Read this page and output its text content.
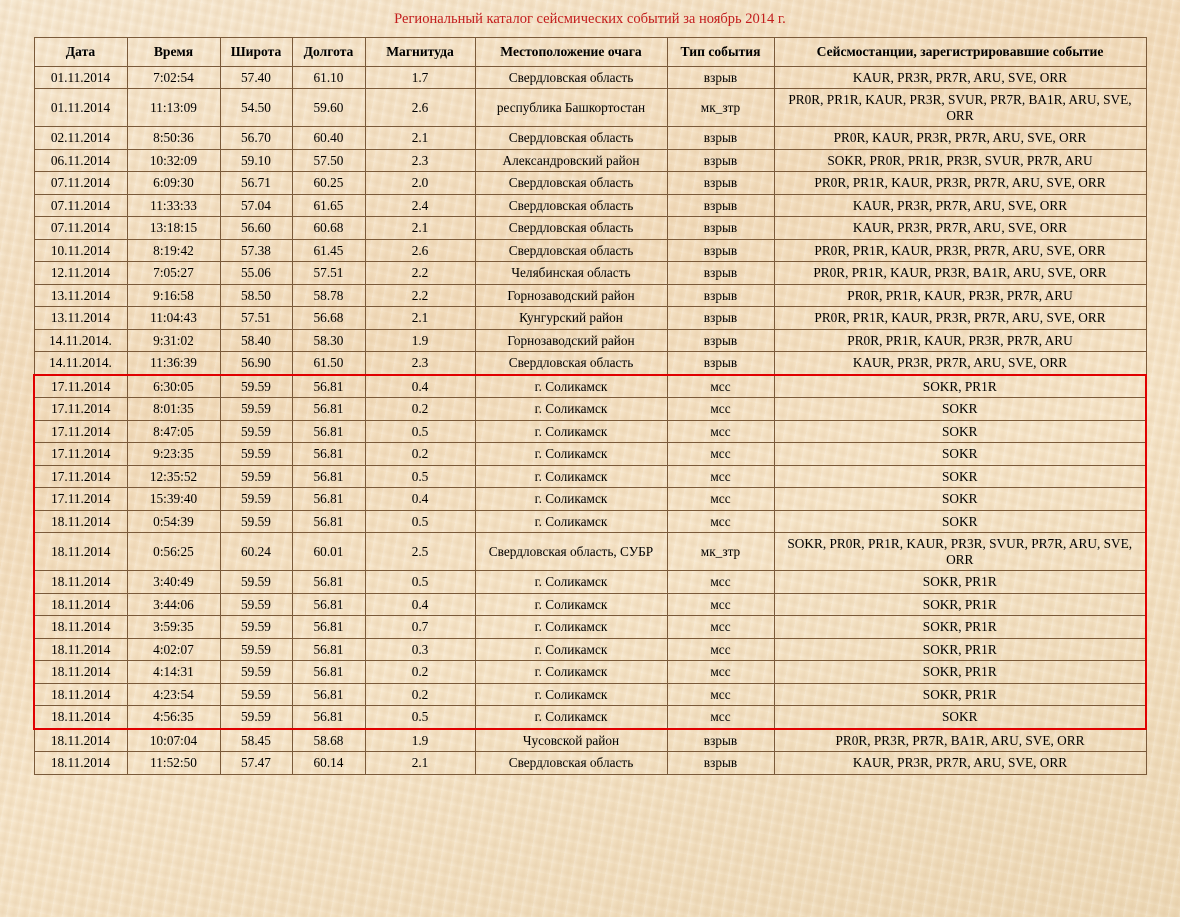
Региональный каталог сейсмических событий за ноябрь 2014 г.
Дата	Время	Широта	Долгота	Магнитуда	Местоположение очага	Тип события	Сейсмостанции, зарегистрировавшие событие
01.11.2014	7:02:54	57.40	61.10	1.7	Свердловская область	взрыв	KAUR, PR3R, PR7R, ARU, SVE, ORR
01.11.2014	11:13:09	54.50	59.60	2.6	республика Башкортостан	мк_зтр	PR0R, PR1R, KAUR, PR3R, SVUR, PR7R, BA1R, ARU, SVE, ORR
02.11.2014	8:50:36	56.70	60.40	2.1	Свердловская область	взрыв	PR0R, KAUR, PR3R, PR7R, ARU, SVE, ORR
06.11.2014	10:32:09	59.10	57.50	2.3	Александровский район	взрыв	SOKR, PR0R, PR1R, PR3R, SVUR, PR7R, ARU
07.11.2014	6:09:30	56.71	60.25	2.0	Свердловская область	взрыв	PR0R, PR1R, KAUR, PR3R, PR7R, ARU, SVE, ORR
07.11.2014	11:33:33	57.04	61.65	2.4	Свердловская область	взрыв	KAUR, PR3R, PR7R, ARU, SVE, ORR
07.11.2014	13:18:15	56.60	60.68	2.1	Свердловская область	взрыв	KAUR, PR3R, PR7R, ARU, SVE, ORR
10.11.2014	8:19:42	57.38	61.45	2.6	Свердловская область	взрыв	PR0R, PR1R, KAUR, PR3R, PR7R, ARU, SVE, ORR
12.11.2014	7:05:27	55.06	57.51	2.2	Челябинская область	взрыв	PR0R, PR1R, KAUR, PR3R, BA1R, ARU, SVE, ORR
13.11.2014	9:16:58	58.50	58.78	2.2	Горнозаводский район	взрыв	PR0R, PR1R, KAUR, PR3R, PR7R, ARU
13.11.2014	11:04:43	57.51	56.68	2.1	Кунгурский район	взрыв	PR0R, PR1R, KAUR, PR3R, PR7R, ARU, SVE, ORR
14.11.2014.	9:31:02	58.40	58.30	1.9	Горнозаводский район	взрыв	PR0R, PR1R, KAUR, PR3R, PR7R, ARU
14.11.2014.	11:36:39	56.90	61.50	2.3	Свердловская область	взрыв	KAUR, PR3R, PR7R, ARU, SVE, ORR
17.11.2014	6:30:05	59.59	56.81	0.4	г. Соликамск	мсс	SOKR, PR1R
17.11.2014	8:01:35	59.59	56.81	0.2	г. Соликамск	мсс	SOKR
17.11.2014	8:47:05	59.59	56.81	0.5	г. Соликамск	мсс	SOKR
17.11.2014	9:23:35	59.59	56.81	0.2	г. Соликамск	мсс	SOKR
17.11.2014	12:35:52	59.59	56.81	0.5	г. Соликамск	мсс	SOKR
17.11.2014	15:39:40	59.59	56.81	0.4	г. Соликамск	мсс	SOKR
18.11.2014	0:54:39	59.59	56.81	0.5	г. Соликамск	мсс	SOKR
18.11.2014	0:56:25	60.24	60.01	2.5	Свердловская область, СУБР	мк_зтр	SOKR, PR0R, PR1R, KAUR, PR3R, SVUR, PR7R, ARU, SVE, ORR
18.11.2014	3:40:49	59.59	56.81	0.5	г. Соликамск	мсс	SOKR, PR1R
18.11.2014	3:44:06	59.59	56.81	0.4	г. Соликамск	мсс	SOKR, PR1R
18.11.2014	3:59:35	59.59	56.81	0.7	г. Соликамск	мсс	SOKR, PR1R
18.11.2014	4:02:07	59.59	56.81	0.3	г. Соликамск	мсс	SOKR, PR1R
18.11.2014	4:14:31	59.59	56.81	0.2	г. Соликамск	мсс	SOKR, PR1R
18.11.2014	4:23:54	59.59	56.81	0.2	г. Соликамск	мсс	SOKR, PR1R
18.11.2014	4:56:35	59.59	56.81	0.5	г. Соликамск	мсс	SOKR
18.11.2014	10:07:04	58.45	58.68	1.9	Чусовской район	взрыв	PR0R, PR3R, PR7R, BA1R, ARU, SVE, ORR
18.11.2014	11:52:50	57.47	60.14	2.1	Свердловская область	взрыв	KAUR, PR3R, PR7R, ARU, SVE, ORR
